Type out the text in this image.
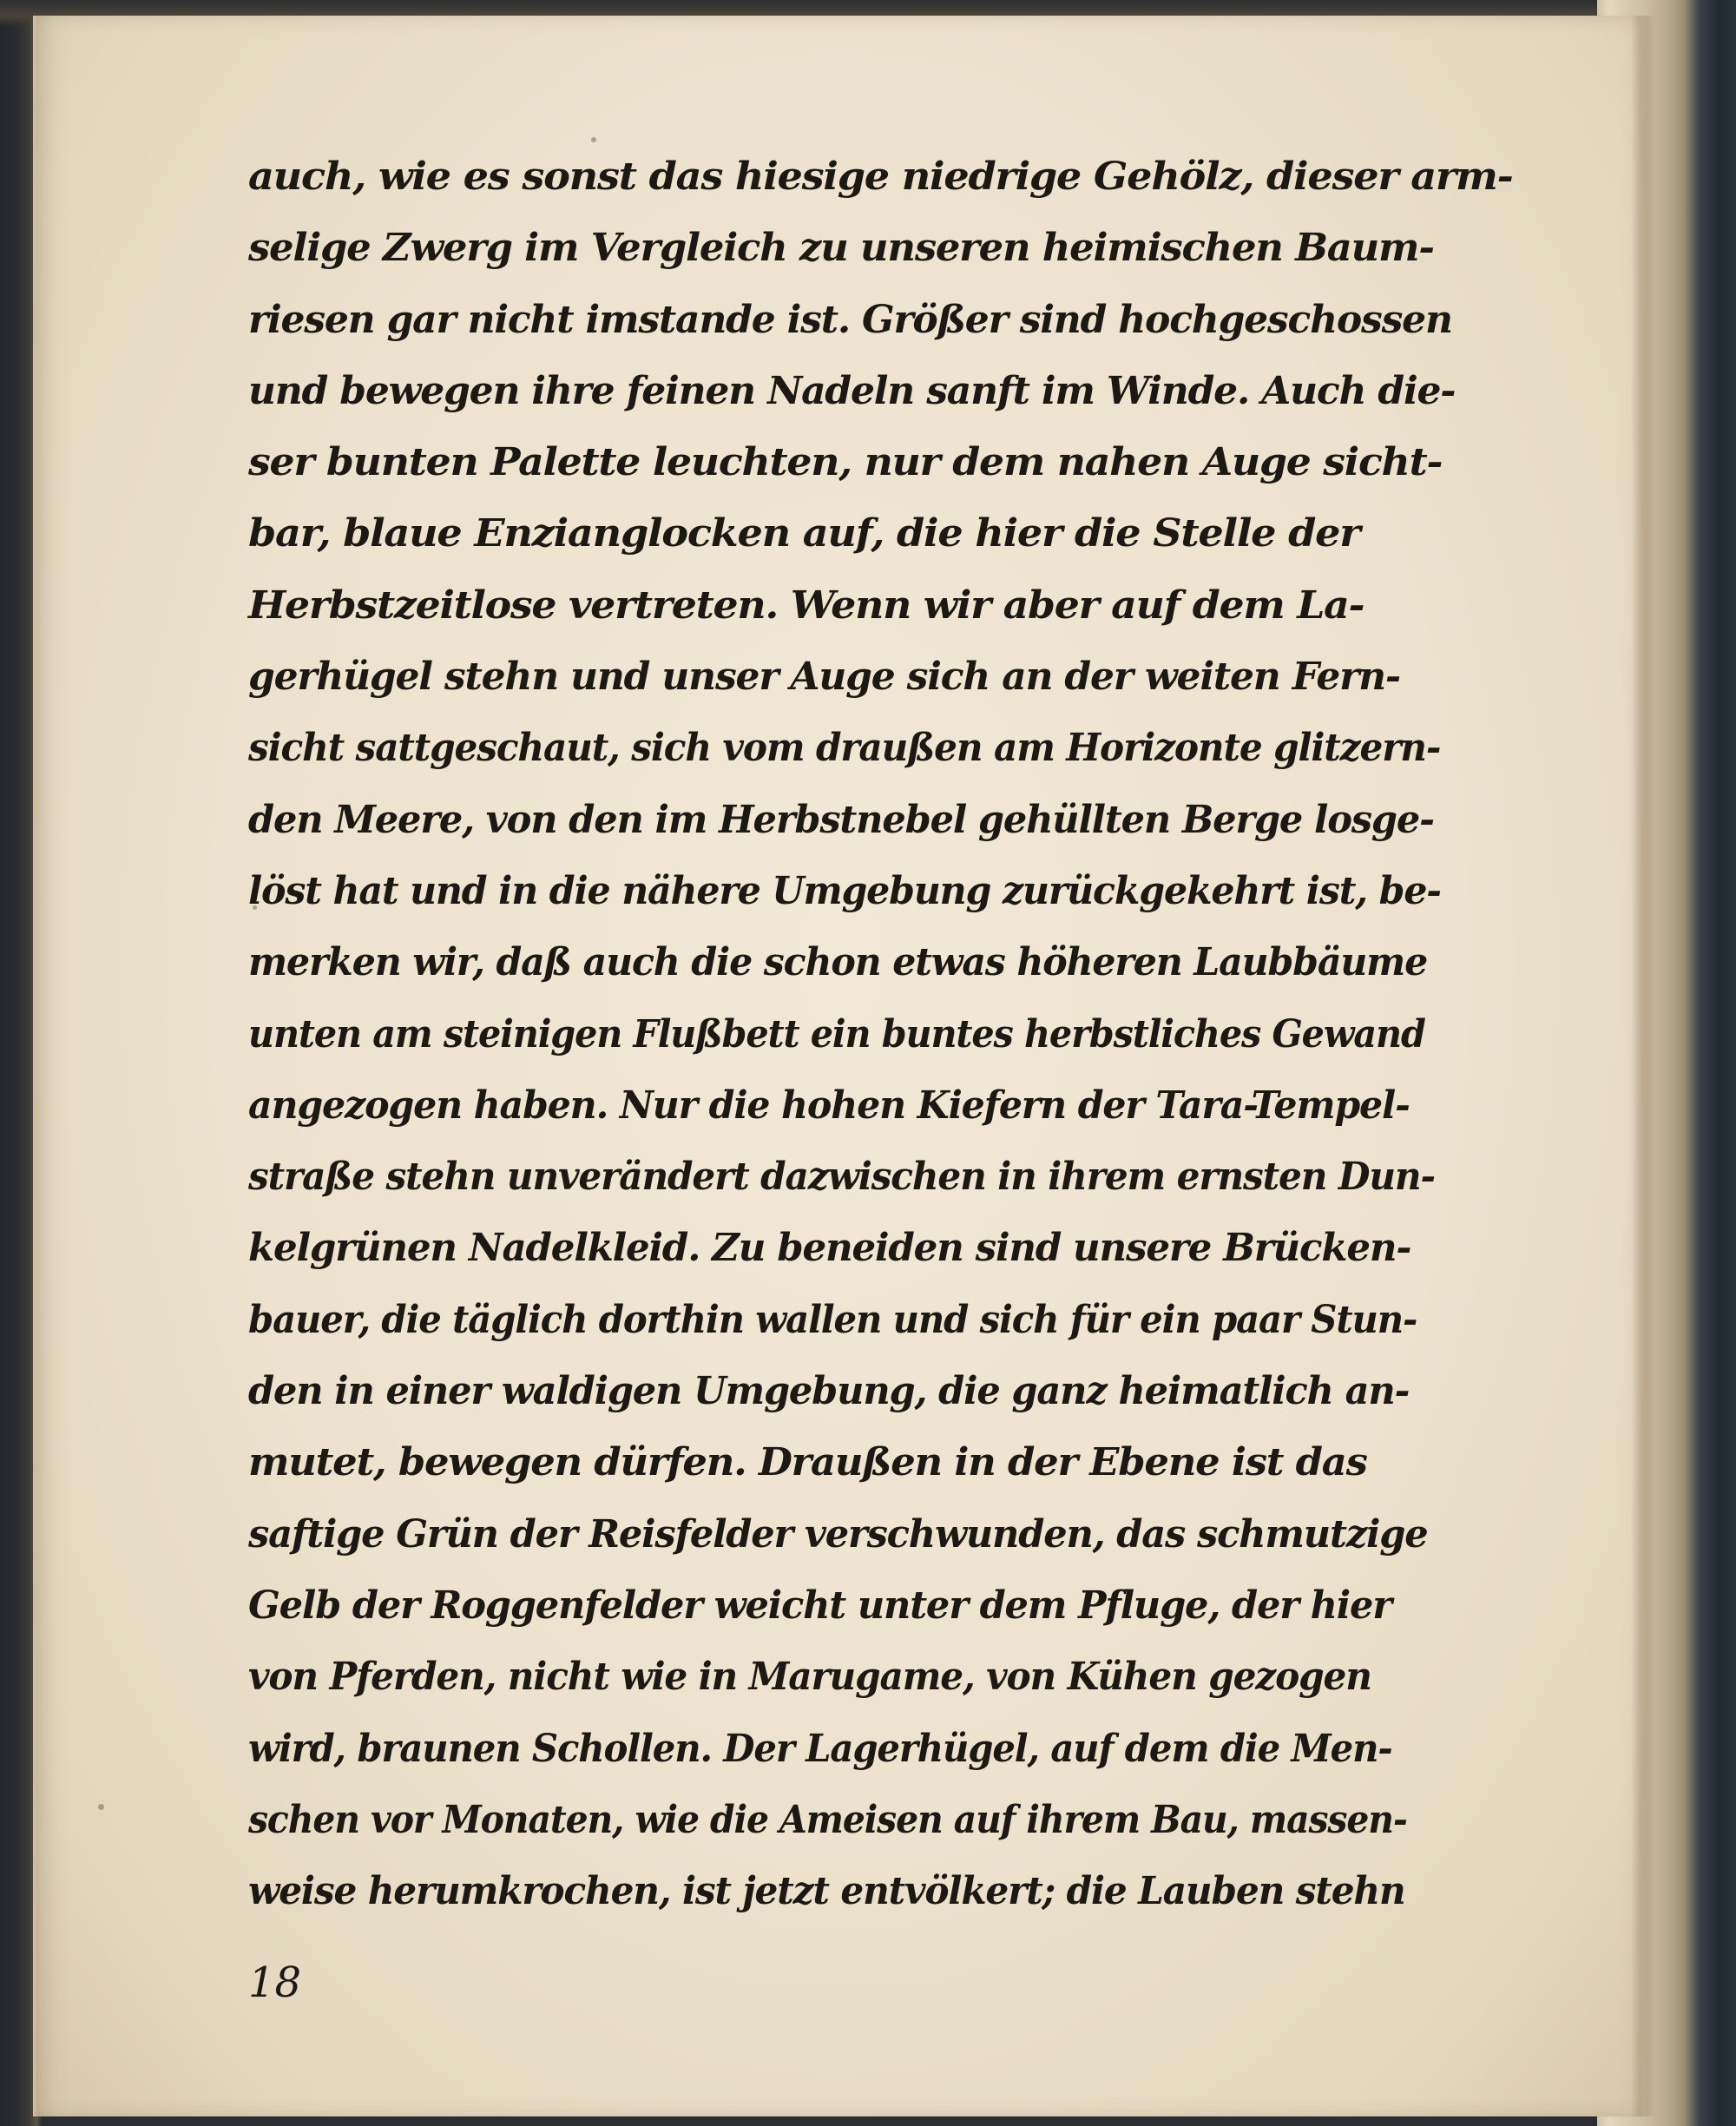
auch, wie es sonst das hiesige niedrige Gehölz, dieser arm-
selige Zwerg im Vergleich zu unseren heimischen Baum-
riesen gar nicht imstande ist. Größer sind hochgeschossen
und bewegen ihre feinen Nadeln sanft im Winde. Auch die-
ser bunten Palette leuchten, nur dem nahen Auge sicht-
bar, blaue Enzianglocken auf, die hier die Stelle der
Herbstzeitlose vertreten. Wenn wir aber auf dem La-
gerhügel stehn und unser Auge sich an der weiten Fern-
sicht sattgeschaut, sich vom draußen am Horizonte glitzern-
den Meere, von den im Herbstnebel gehüllten Berge losge-
löst hat und in die nähere Umgebung zurückgekehrt ist, be-
merken wir, daß auch die schon etwas höheren Laubbäume
unten am steinigen Flußbett ein buntes herbstliches Gewand
angezogen haben. Nur die hohen Kiefern der Tara-Tempel-
straße stehn unverändert dazwischen in ihrem ernsten Dun-
kelgrünen Nadelkleid. Zu beneiden sind unsere Brücken-
bauer, die täglich dorthin wallen und sich für ein paar Stun-
den in einer waldigen Umgebung, die ganz heimatlich an-
mutet, bewegen dürfen. Draußen in der Ebene ist das
saftige Grün der Reisfelder verschwunden, das schmutzige
Gelb der Roggenfelder weicht unter dem Pfluge, der hier
von Pferden, nicht wie in Marugame, von Kühen gezogen
wird, braunen Schollen. Der Lagerhügel, auf dem die Men-
schen vor Monaten, wie die Ameisen auf ihrem Bau, massen-
weise herumkrochen, ist jetzt entvölkert; die Lauben stehn
18
